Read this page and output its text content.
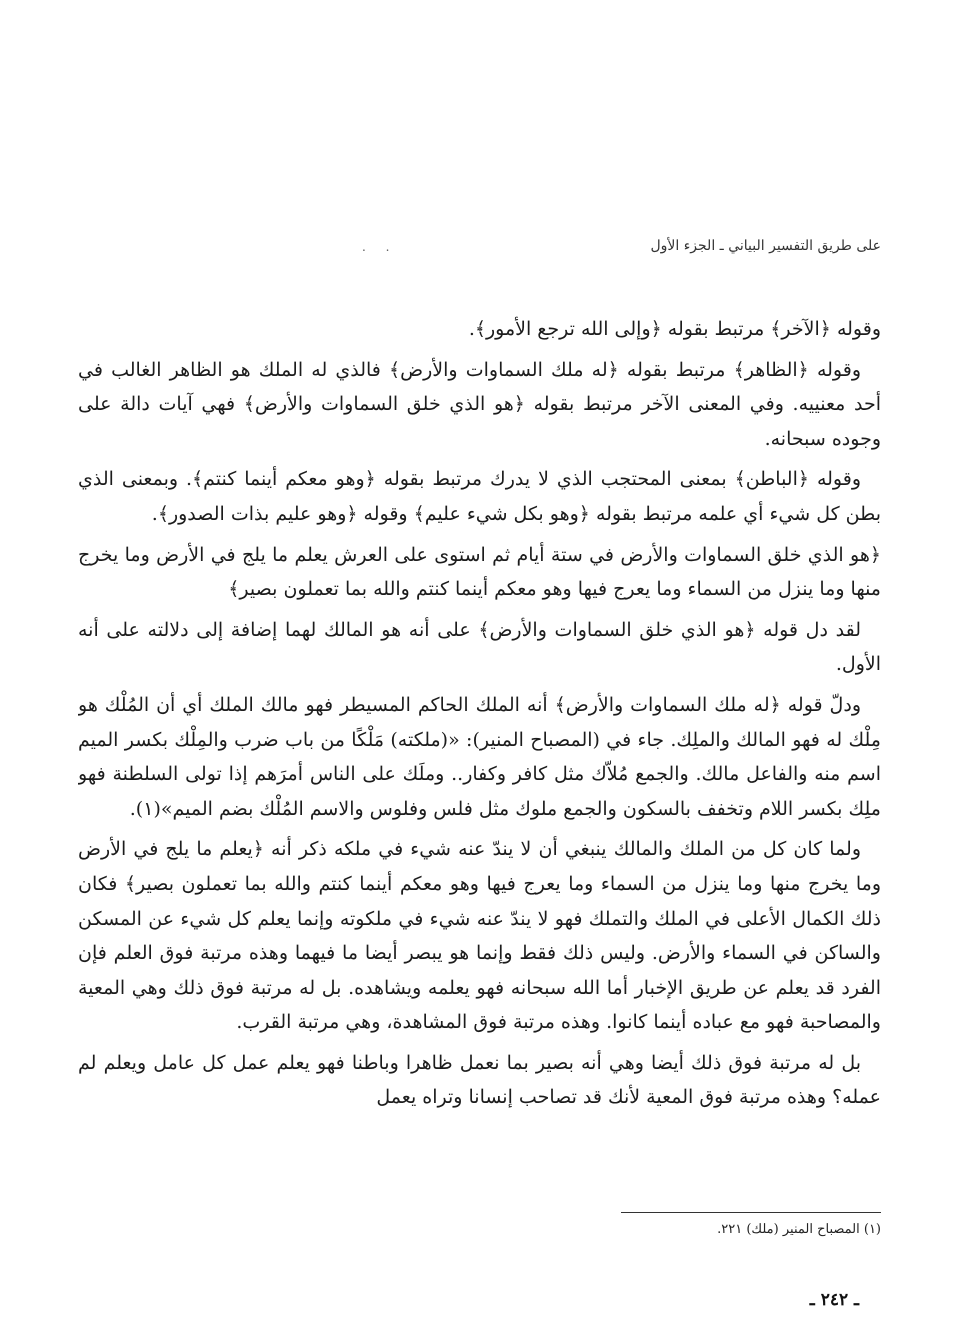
على طريق التفسير البياني ـ الجزء الأول
. .

وقوله ﴿الآخر﴾ مرتبط بقوله ﴿وإلى الله ترجع الأمور﴾.

وقوله ﴿الظاهر﴾ مرتبط بقوله ﴿له ملك السماوات والأرض﴾ فالذي له الملك هو الظاهر الغالب في أحد معنييه. وفي المعنى الآخر مرتبط بقوله ﴿هو الذي خلق السماوات والأرض﴾ فهي آيات دالة على وجوده سبحانه.

وقوله ﴿الباطن﴾ بمعنى المحتجب الذي لا يدرك مرتبط بقوله ﴿وهو معكم أينما كنتم﴾. وبمعنى الذي بطن كل شيء أي علمه مرتبط بقوله ﴿وهو بكل شيء عليم﴾ وقوله ﴿وهو عليم بذات الصدور﴾.

﴿هو الذي خلق السماوات والأرض في ستة أيام ثم استوى على العرش يعلم ما يلج في الأرض وما يخرج منها وما ينزل من السماء وما يعرج فيها وهو معكم أينما كنتم والله بما تعملون بصير﴾

لقد دل قوله ﴿هو الذي خلق السماوات والأرض﴾ على أنه هو المالك لهما إضافة إلى دلالته على أنه الأول.

ودلّ قوله ﴿له ملك السماوات والأرض﴾ أنه الملك الحاكم المسيطر فهو مالك الملك أي أن المُلْك هو مِلْك له فهو المالك والملِك. جاء في (المصباح المنير): «(ملكته) مَلْكًا من باب ضرب والمِلْك بكسر الميم اسم منه والفاعل مالك. والجمع مُلاّك مثل كافر وكفار.. وملَك على الناس أمرَهم إذا تولى السلطنة فهو ملِك بكسر اللام وتخفف بالسكون والجمع ملوك مثل فلس وفلوس والاسم المُلْك بضم الميم»(١).

ولما كان كل من الملك والمالك ينبغي أن لا يندّ عنه شيء في ملكه ذكر أنه ﴿يعلم ما يلج في الأرض وما يخرج منها وما ينزل من السماء وما يعرج فيها وهو معكم أينما كنتم والله بما تعملون بصير﴾ فكان ذلك الكمال الأعلى في الملك والتملك فهو لا يندّ عنه شيء في ملكوته وإنما يعلم كل شيء عن المسكن والساكن في السماء والأرض. وليس ذلك فقط وإنما هو يبصر أيضا ما فيهما وهذه مرتبة فوق العلم فإن الفرد قد يعلم عن طريق الإخبار أما الله سبحانه فهو يعلمه ويشاهده. بل له مرتبة فوق ذلك وهي المعية والمصاحبة فهو مع عباده أينما كانوا. وهذه مرتبة فوق المشاهدة، وهي مرتبة القرب.

بل له مرتبة فوق ذلك أيضا وهي أنه بصير بما نعمل ظاهرا وباطنا فهو يعلم عمل كل عامل ويعلم لم عمله؟ وهذه مرتبة فوق المعية لأنك قد تصاحب إنسانا وتراه يعمل

(١) المصباح المنير (ملك) ٢٢١.
ـ ٢٤٢ ـ
